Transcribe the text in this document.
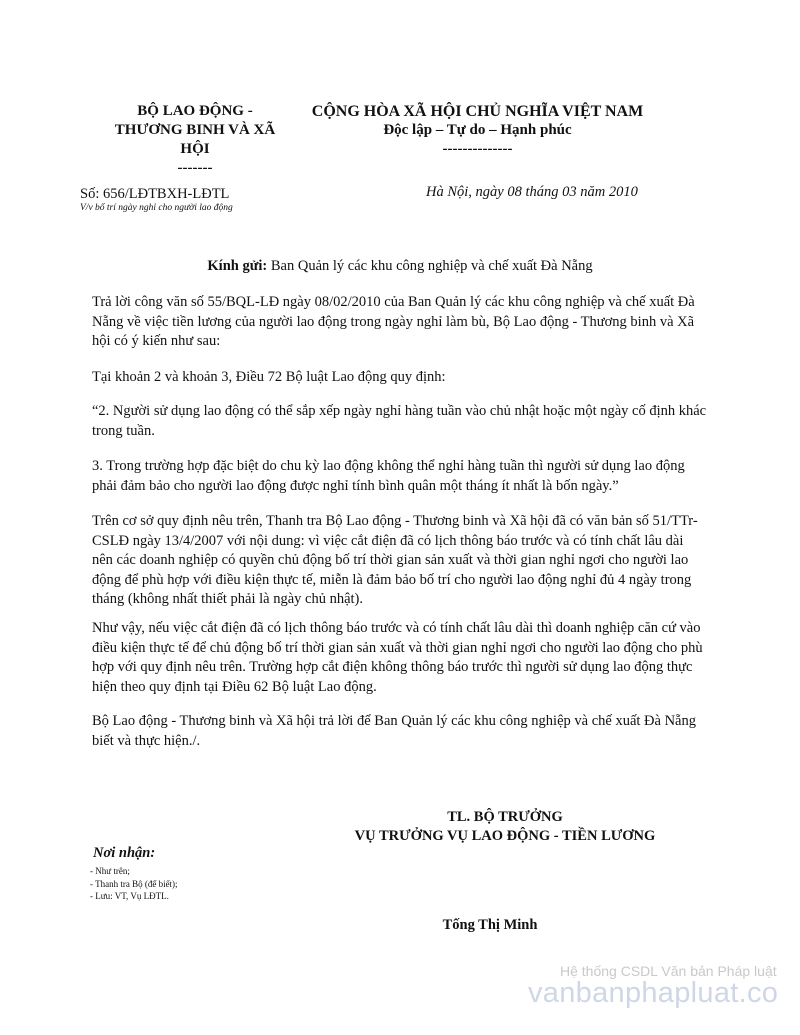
BỘ LAO ĐỘNG -
THƯƠNG BINH VÀ XÃ
HỘI
-------
CỘNG HÒA XÃ HỘI CHỦ NGHĨA VIỆT NAM
Độc lập – Tự do – Hạnh phúc
--------------
Số: 656/LĐTBXH-LĐTL
V/v bố trí ngày nghỉ cho người lao động
Hà Nội, ngày 08 tháng 03 năm 2010
Kính gửi: Ban Quản lý các khu công nghiệp và chế xuất Đà Nẵng
Trả lời công văn số 55/BQL-LĐ ngày 08/02/2010 của Ban Quản lý các khu công nghiệp và chế xuất Đà Nẵng về việc tiền lương của người lao động trong ngày nghỉ làm bù, Bộ Lao động - Thương binh và Xã hội có ý kiến như sau:
Tại khoản 2 và khoản 3, Điều 72 Bộ luật Lao động quy định:
“2. Người sử dụng lao động có thể sắp xếp ngày nghỉ hàng tuần vào chủ nhật hoặc một ngày cố định khác trong tuần.
3. Trong trường hợp đặc biệt do chu kỳ lao động không thể nghỉ hàng tuần thì người sử dụng lao động phải đảm bảo cho người lao động được nghỉ tính bình quân một tháng ít nhất là bốn ngày.”
Trên cơ sở quy định nêu trên, Thanh tra Bộ Lao động - Thương binh và Xã hội đã có văn bản số 51/TTr-CSLĐ ngày 13/4/2007 với nội dung: vì việc cắt điện đã có lịch thông báo trước và có tính chất lâu dài nên các doanh nghiệp có quyền chủ động bố trí thời gian sản xuất và thời gian nghỉ ngơi cho người lao động để phù hợp với điều kiện thực tế, miễn là đảm bảo bố trí cho người lao động nghỉ đủ 4 ngày trong tháng (không nhất thiết phải là ngày chủ nhật).
Như vậy, nếu việc cắt điện đã có lịch thông báo trước và có tính chất lâu dài thì doanh nghiệp căn cứ vào điều kiện thực tế để chủ động bố trí thời gian sản xuất và thời gian nghỉ ngơi cho người lao động cho phù hợp với quy định nêu trên. Trường hợp cắt điện không thông báo trước thì người sử dụng lao động thực hiện theo quy định tại Điều 62 Bộ luật Lao động.
Bộ Lao động - Thương binh và Xã hội trả lời để Ban Quản lý các khu công nghiệp và chế xuất Đà Nẵng biết và thực hiện./.
TL. BỘ TRƯỞNG
VỤ TRƯỞNG VỤ LAO ĐỘNG - TIỀN LƯƠNG
Tống Thị Minh
Nơi nhận:
- Như trên;
- Thanh tra Bộ (để biết);
- Lưu: VT, Vụ LĐTL.
Hệ thống CSDL Văn bản Pháp luật
vanbanphapluat.co
